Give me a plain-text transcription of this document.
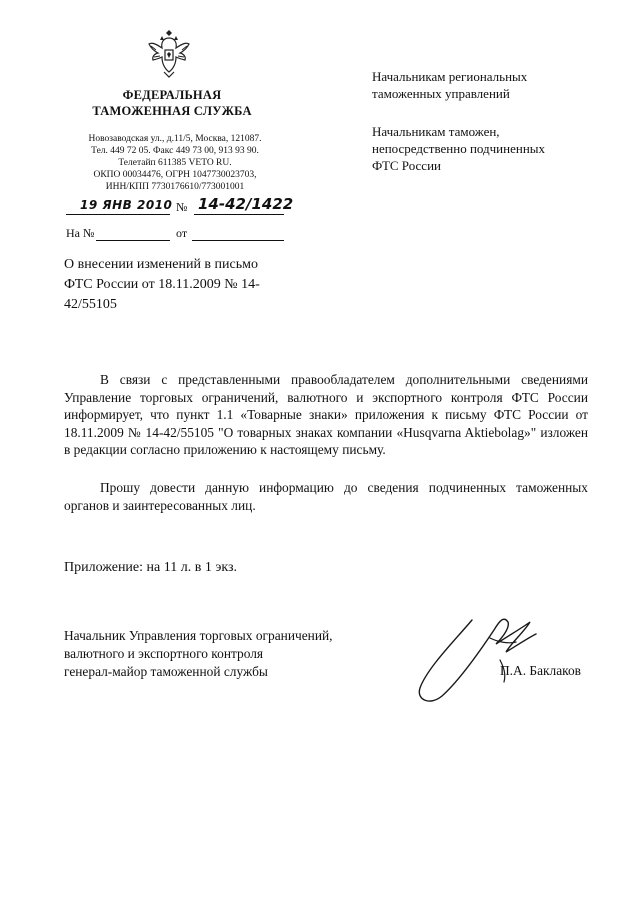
ФЕДЕРАЛЬНАЯ
ТАМОЖЕННАЯ СЛУЖБА
Новозаводская ул., д.11/5, Москва, 121087.
Тел. 449 72 05. Факс 449 73 00, 913 93 90.
Телетайп 611385 VETO RU.
ОКПО 00034476, ОГРН 1047730023703,
ИНН/КПП 7730176610/773001001
19 ЯНВ 2010 № 14-42/1422
На №	от
Начальникам региональных
таможенных управлений
Начальникам таможен,
непосредственно подчиненных
ФТС России
О внесении изменений в письмо ФТС России от 18.11.2009 № 14-42/55105

В связи с представленными правообладателем дополнительными сведениями Управление торговых ограничений, валютного и экспортного контроля ФТС России информирует, что пункт 1.1 «Товарные знаки» приложения к письму ФТС России от 18.11.2009 № 14-42/55105 "О товарных знаках компании «Husqvarna Aktiebolag»" изложен в редакции согласно приложению к настоящему письму.

Прошу довести данную информацию до сведения подчиненных таможенных органов и заинтересованных лиц.

Приложение: на 11 л. в 1 экз.
Начальник Управления торговых ограничений,
валютного и экспортного контроля
генерал-майор таможенной службы	П.А. Баклаков
